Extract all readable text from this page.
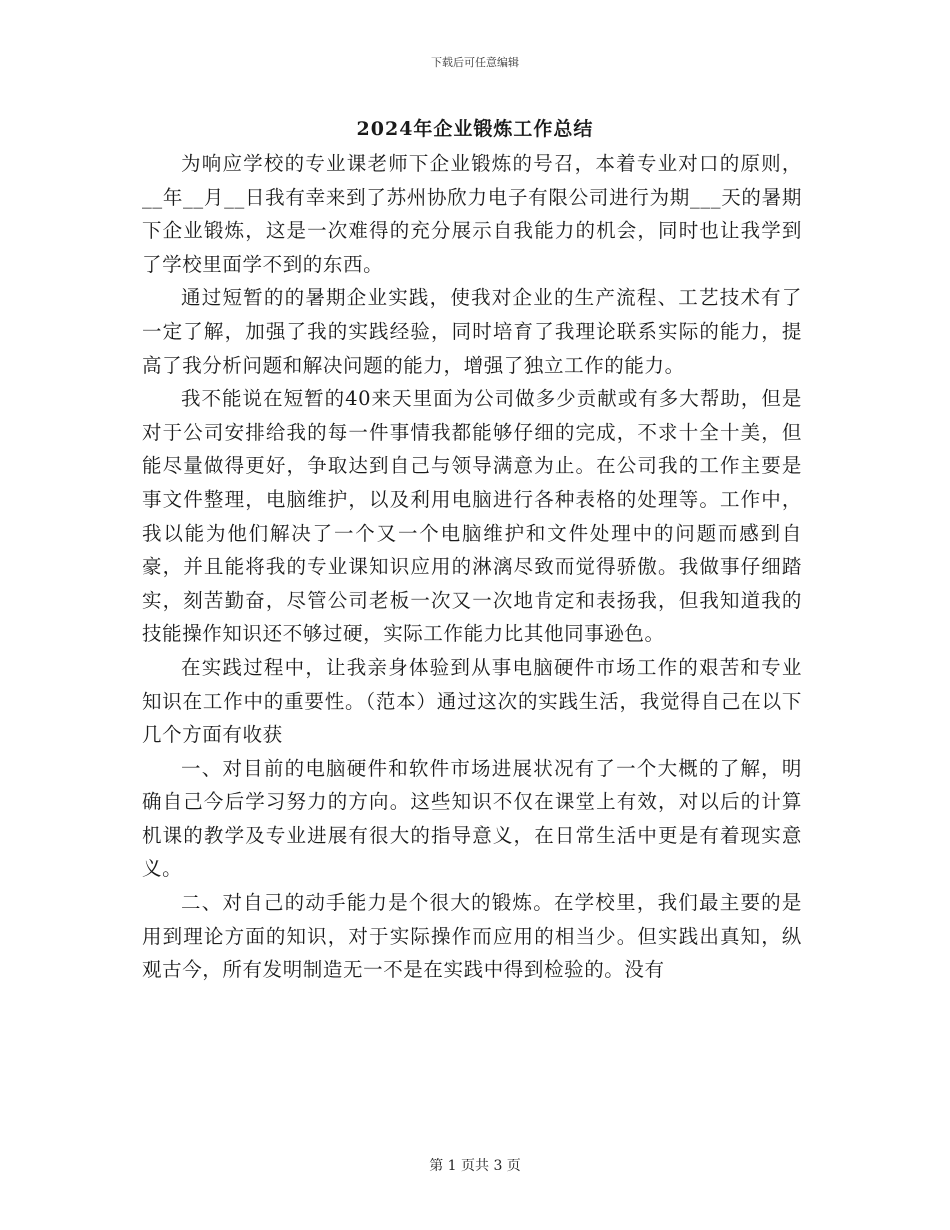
下载后可任意编辑
2024年企业锻炼工作总结

为响应学校的专业课老师下企业锻炼的号召，本着专业对口的原则，__年__月__日我有幸来到了苏州协欣力电子有限公司进行为期___天的暑期下企业锻炼，这是一次难得的充分展示自我能力的机会，同时也让我学到了学校里面学不到的东西。

通过短暂的的暑期企业实践，使我对企业的生产流程、工艺技术有了一定了解，加强了我的实践经验，同时培育了我理论联系实际的能力，提高了我分析问题和解决问题的能力，增强了独立工作的能力。

我不能说在短暂的40来天里面为公司做多少贡献或有多大帮助，但是对于公司安排给我的每一件事情我都能够仔细的完成，不求十全十美，但能尽量做得更好，争取达到自己与领导满意为止。在公司我的工作主要是事文件整理，电脑维护，以及利用电脑进行各种表格的处理等。工作中，我以能为他们解决了一个又一个电脑维护和文件处理中的问题而感到自豪，并且能将我的专业课知识应用的淋漓尽致而觉得骄傲。我做事仔细踏实，刻苦勤奋，尽管公司老板一次又一次地肯定和表扬我，但我知道我的技能操作知识还不够过硬，实际工作能力比其他同事逊色。

在实践过程中，让我亲身体验到从事电脑硬件市场工作的艰苦和专业知识在工作中的重要性。（范本）通过这次的实践生活，我觉得自己在以下几个方面有收获

一、对目前的电脑硬件和软件市场进展状况有了一个大概的了解，明确自己今后学习努力的方向。这些知识不仅在课堂上有效，对以后的计算机课的教学及专业进展有很大的指导意义，在日常生活中更是有着现实意义。

二、对自己的动手能力是个很大的锻炼。在学校里，我们最主要的是用到理论方面的知识，对于实际操作而应用的相当少。但实践出真知，纵观古今，所有发明制造无一不是在实践中得到检验的。没有

第 1 页共 3 页
